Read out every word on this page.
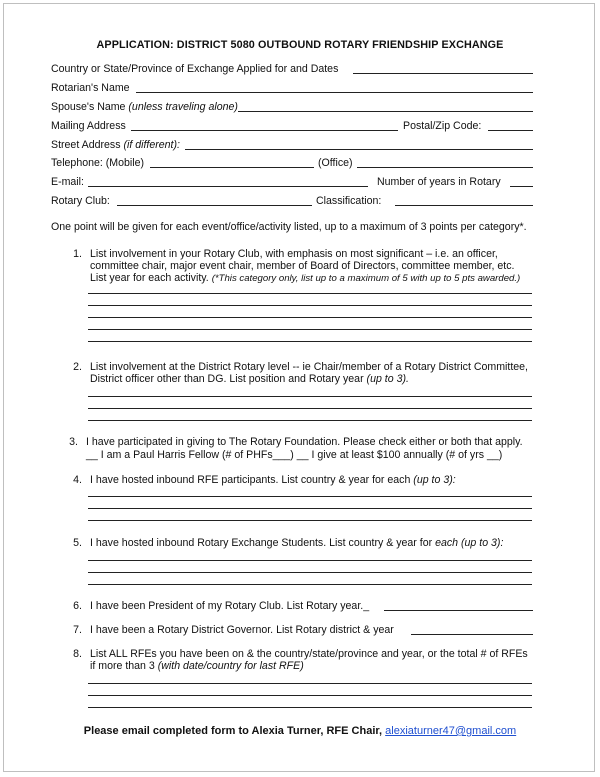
APPLICATION: DISTRICT 5080 OUTBOUND ROTARY FRIENDSHIP EXCHANGE
Country or State/Province of Exchange Applied for and Dates
Rotarian's Name
Spouse's Name (unless traveling alone)
Mailing Address	Postal/Zip Code:
Street Address (if different):
Telephone: (Mobile)	(Office)
E-mail:	Number of years in Rotary
Rotary Club:	Classification:
One point will be given for each event/office/activity listed, up to a maximum of 3 points per category*.
1. List involvement in your Rotary Club, with emphasis on most significant – i.e. an officer,
committee chair, major event chair, member of Board of Directors, committee member, etc.
List year for each activity. (*This category only, list up to a maximum of 5 with up to 5 pts awarded.)
2. List involvement at the District Rotary level -- ie Chair/member of a Rotary District Committee,
District officer other than DG. List position and Rotary year (up to 3).
3. I have participated in giving to The Rotary Foundation. Please check either or both that apply.
__ I am a Paul Harris Fellow (# of PHFs___) __ I give at least $100 annually (# of yrs __)
4. I have hosted inbound RFE participants. List country & year for each (up to 3):
5. I have hosted inbound Rotary Exchange Students. List country & year for each (up to 3):
6. I have been President of my Rotary Club. List Rotary year._
7. I have been a Rotary District Governor. List Rotary district & year
8. List ALL RFEs you have been on & the country/state/province and year, or the total # of RFEs
if more than 3 (with date/country for last RFE)
Please email completed form to Alexia Turner, RFE Chair, alexiaturner47@gmail.com
